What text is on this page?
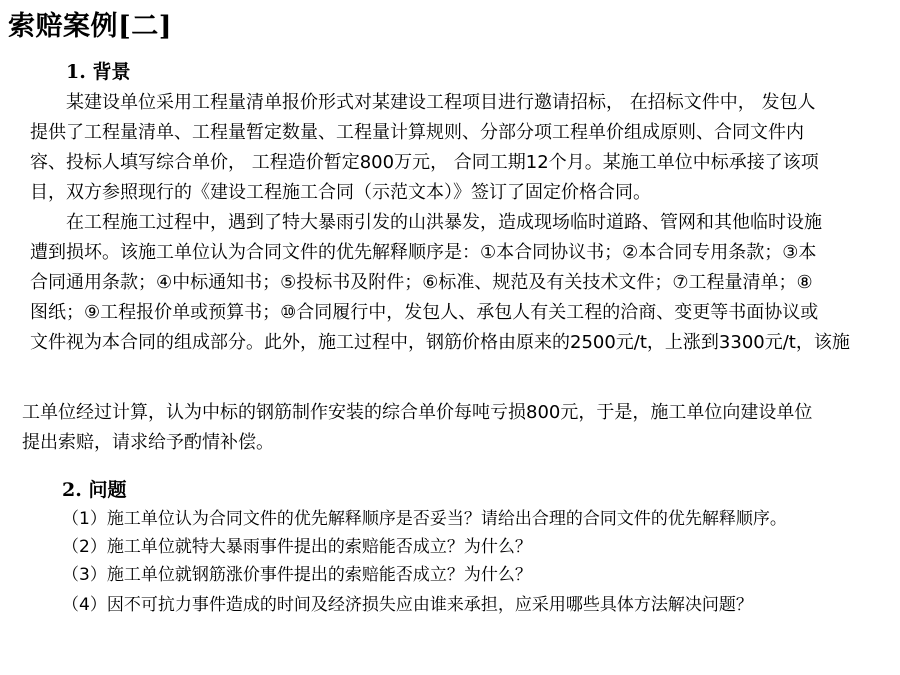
索赔案例[二]
1. 背景
某建设单位采用工程量清单报价形式对某建设工程项目进行邀请招标， 在招标文件中， 发包人
提供了工程量清单、工程量暂定数量、工程量计算规则、分部分项工程单价组成原则、合同文件内
容、投标人填写综合单价， 工程造价暂定800万元， 合同工期12个月。某施工单位中标承接了该项
目，双方参照现行的《建设工程施工合同（示范文本）》签订了固定价格合同。
在工程施工过程中，遇到了特大暴雨引发的山洪暴发，造成现场临时道路、管网和其他临时设施
遭到损坏。该施工单位认为合同文件的优先解释顺序是：①本合同协议书；②本合同专用条款；③本
合同通用条款；④中标通知书；⑤投标书及附件；⑥标准、规范及有关技术文件；⑦工程量清单；⑧
图纸；⑨工程报价单或预算书；⑩合同履行中，发包人、承包人有关工程的洽商、变更等书面协议或
文件视为本合同的组成部分。此外，施工过程中，钢筋价格由原来的2500元/t，上涨到3300元/t，该施
工单位经过计算，认为中标的钢筋制作安装的综合单价每吨亏损800元，于是，施工单位向建设单位
提出索赔，请求给予酌情补偿。
2. 问题
（1）施工单位认为合同文件的优先解释顺序是否妥当？请给出合理的合同文件的优先解释顺序。
（2）施工单位就特大暴雨事件提出的索赔能否成立？为什么？
（3）施工单位就钢筋涨价事件提出的索赔能否成立？为什么？
（4）因不可抗力事件造成的时间及经济损失应由谁来承担，应采用哪些具体方法解决问题？
